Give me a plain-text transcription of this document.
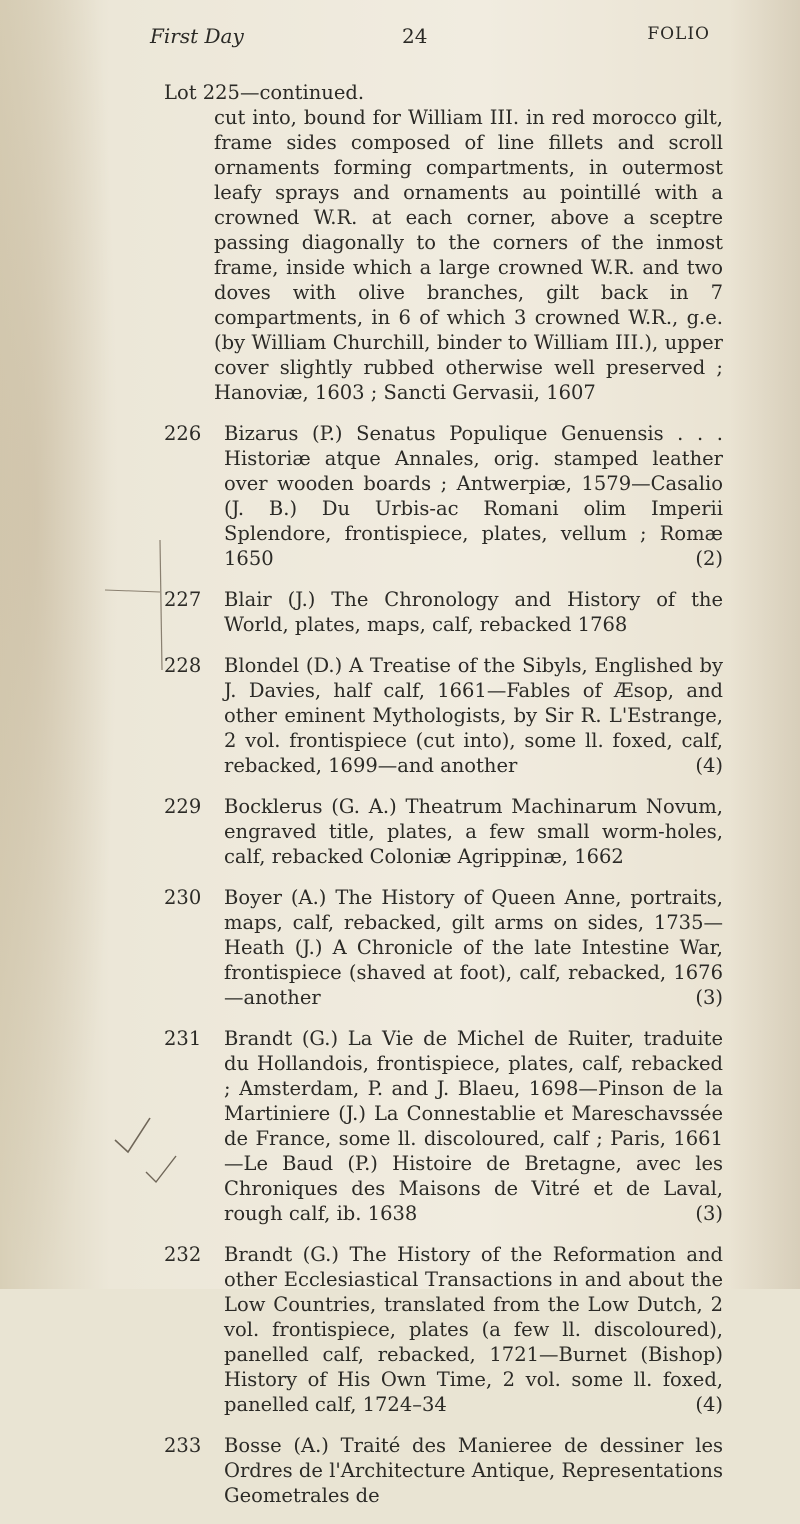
First Day	24	FOLIO

Lot 225—continued.

cut into, bound for William III. in red morocco gilt, frame sides composed of line fillets and scroll ornaments forming compartments, in outermost leafy sprays and ornaments au pointillé with a crowned W.R. at each corner, above a sceptre passing diagonally to the corners of the inmost frame, inside which a large crowned W.R. and two doves with olive branches, gilt back in 7 compartments, in 6 of which 3 crowned W.R., g.e. (by William Churchill, binder to William III.), upper cover slightly rubbed otherwise well preserved ; Hanoviæ, 1603 ; Sancti Gervasii, 1607

226 Bizarus (P.) Senatus Populique Genuensis . . . Historiæ atque Annales, orig. stamped leather over wooden boards ; Antwerpiæ, 1579—Casalio (J. B.) Du Urbis-ac Romani olim Imperii Splendore, frontispiece, plates, vellum ; Romæ 1650	(2)
227 Blair (J.) The Chronology and History of the World, plates, maps, calf, rebacked 1768
228 Blondel (D.) A Treatise of the Sibyls, Englished by J. Davies, half calf, 1661—Fables of Æsop, and other eminent Mythologists, by Sir R. L'Estrange, 2 vol. frontispiece (cut into), some ll. foxed, calf, rebacked, 1699—and another	(4)
229 Bocklerus (G. A.) Theatrum Machinarum Novum, engraved title, plates, a few small worm-holes, calf, rebacked Coloniæ Agrippinæ, 1662
230 Boyer (A.) The History of Queen Anne, portraits, maps, calf, rebacked, gilt arms on sides, 1735—Heath (J.) A Chronicle of the late Intestine War, frontispiece (shaved at foot), calf, rebacked, 1676—another	(3)
231 Brandt (G.) La Vie de Michel de Ruiter, traduite du Hollandois, frontispiece, plates, calf, rebacked ; Amsterdam, P. and J. Blaeu, 1698—Pinson de la Martiniere (J.) La Connestablie et Mareschavssée de France, some ll. discoloured, calf ; Paris, 1661—Le Baud (P.) Histoire de Bretagne, avec les Chroniques des Maisons de Vitré et de Laval, rough calf, ib. 1638	(3)
232 Brandt (G.) The History of the Reformation and other Ecclesiastical Transactions in and about the Low Countries, translated from the Low Dutch, 2 vol. frontispiece, plates (a few ll. discoloured), panelled calf, rebacked, 1721—Burnet (Bishop) History of His Own Time, 2 vol. some ll. foxed, panelled calf, 1724–34	(4)
233 Bosse (A.) Traité des Manieree de dessiner les Ordres de l'Architecture Antique, Representations Geometrales de
